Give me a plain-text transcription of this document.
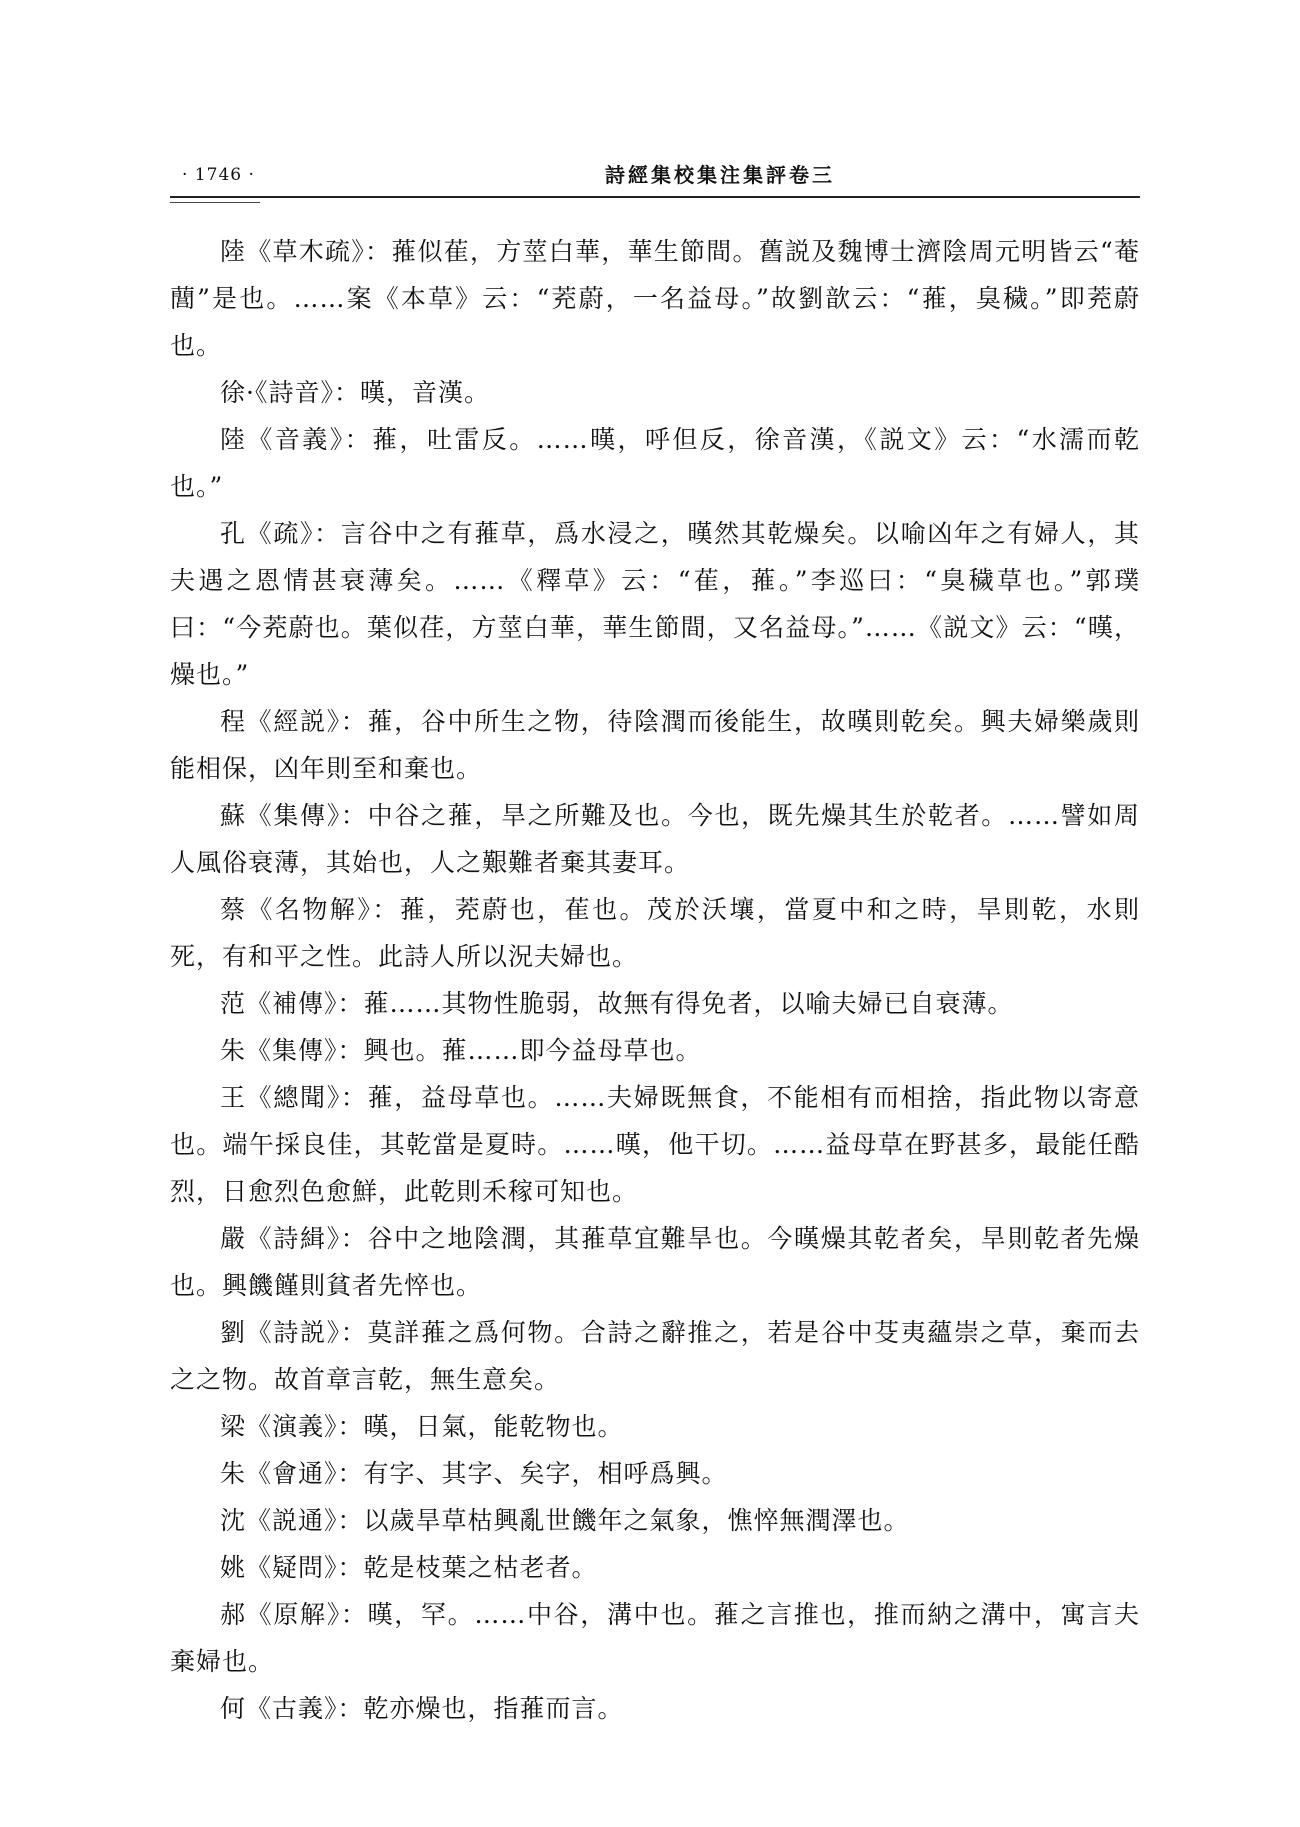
· 1746 ·	詩經集校集注集評卷三

陸《草木疏》：蓷似萑，方莖白華，華生節間。舊説及魏博士濟陰周元明皆云“菴䕡”是也。……案《本草》云：“茺蔚，一名益母。”故劉歆云：“蓷，臭穢。”即茺蔚也。

徐·《詩音》：暵，音漢。

陸《音義》：蓷，吐雷反。……暵，呼但反，徐音漢，《説文》云：“水濡而乾也。”

孔《疏》：言谷中之有蓷草，爲水浸之，暵然其乾燥矣。以喻凶年之有婦人，其夫遇之恩情甚衰薄矣。……《釋草》云：“萑，蓷。”李巡曰：“臭穢草也。”郭璞曰：“今茺蔚也。葉似荏，方莖白華，華生節間，又名益母。”……《説文》云：“暵，燥也。”

程《經説》：蓷，谷中所生之物，待陰潤而後能生，故暵則乾矣。興夫婦樂歲則能相保，凶年則至和棄也。

蘇《集傳》：中谷之蓷，旱之所難及也。今也，既先燥其生於乾者。……譬如周人風俗衰薄，其始也，人之艱難者棄其妻耳。

蔡《名物解》：蓷，茺蔚也，萑也。茂於沃壤，當夏中和之時，旱則乾，水則死，有和平之性。此詩人所以況夫婦也。

范《補傳》：蓷……其物性脆弱，故無有得免者，以喻夫婦已自衰薄。

朱《集傳》：興也。蓷……即今益母草也。

王《總聞》：蓷，益母草也。……夫婦既無食，不能相有而相捨，指此物以寄意也。端午採良佳，其乾當是夏時。……暵，他干切。……益母草在野甚多，最能任酷烈，日愈烈色愈鮮，此乾則禾稼可知也。

嚴《詩緝》：谷中之地陰潤，其蓷草宜難旱也。今暵燥其乾者矣，旱則乾者先燥也。興饑饉則貧者先悴也。

劉《詩説》：莫詳蓷之爲何物。合詩之辭推之，若是谷中芟夷蘊崇之草，棄而去之之物。故首章言乾，無生意矣。

梁《演義》：暵，日氣，能乾物也。

朱《會通》：有字、其字、矣字，相呼爲興。

沈《説通》：以歲旱草枯興亂世饑年之氣象，憔悴無潤澤也。

姚《疑問》：乾是枝葉之枯老者。

郝《原解》：暵，罕。……中谷，溝中也。蓷之言推也，推而納之溝中，寓言夫棄婦也。

何《古義》：乾亦燥也，指蓷而言。
